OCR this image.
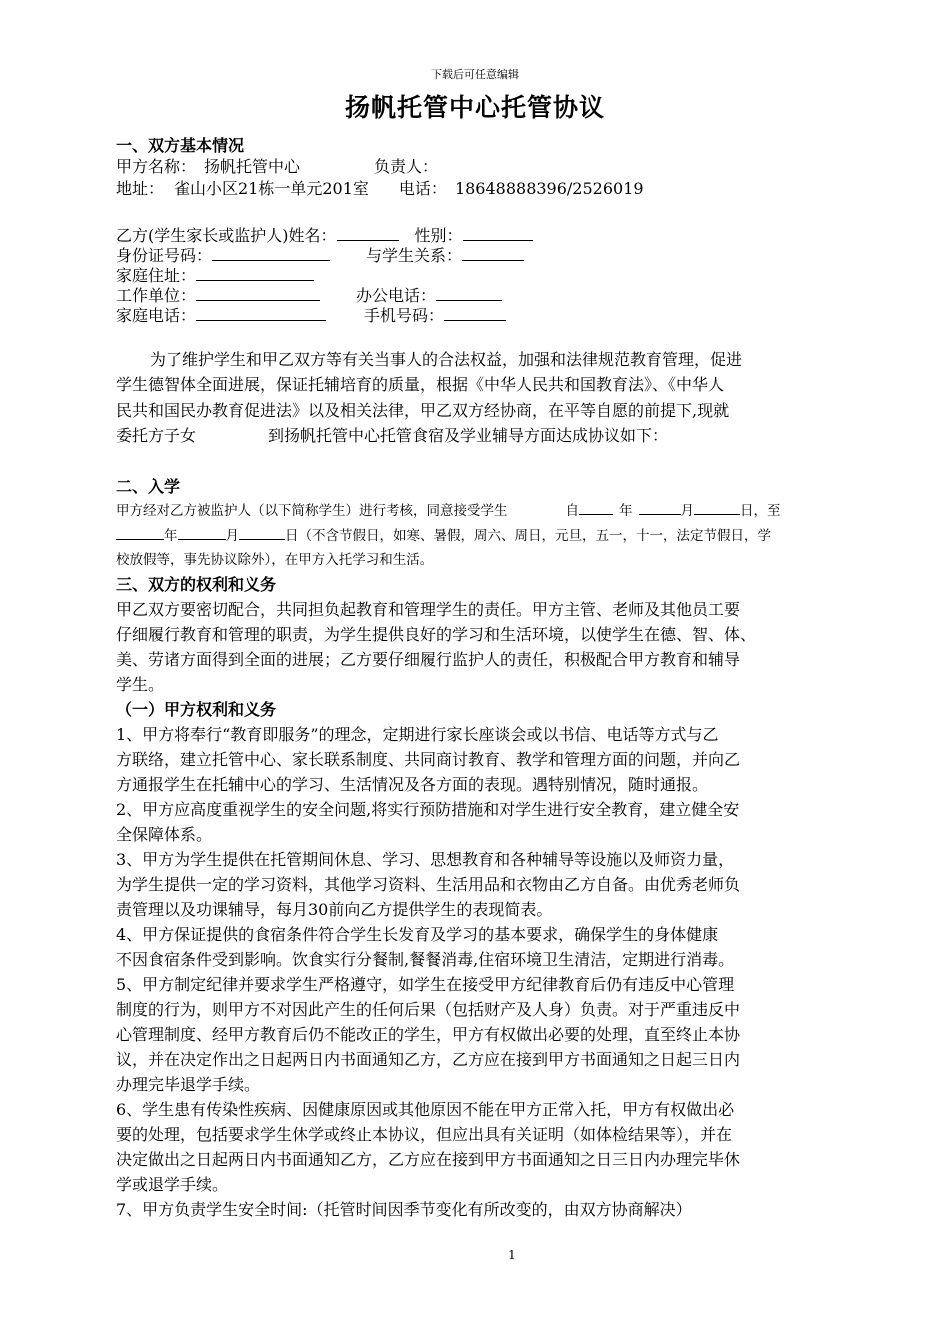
下载后可任意编辑
扬帆托管中心托管协议
一、双方基本情况
甲方名称： 扬帆托管中心	负责人：
地址： 雀山小区21栋一单元201室 电话： 18648888396/2526019
乙方(学生家长或监护人)姓名：	性别：
身份证号码：	与学生关系：
家庭住址：
工作单位：	办公电话：
家庭电话：	手机号码：
为了维护学生和甲乙双方等有关当事人的合法权益，加强和法律规范教育管理，促进
学生德智体全面进展，保证托辅培育的质量，根据《中华人民共和国教育法》、《中华人
民共和国民办教育促进法》以及相关法律，甲乙双方经协商，在平等自愿的前提下,现就
委托方子女	到扬帆托管中心托管食宿及学业辅导方面达成协议如下：
二、入学
甲方经对乙方被监护人（以下简称学生）进行考核，同意接受学生	自	年	月	日，至
年	月	日（不含节假日，如寒、暑假，周六、周日，元旦，五一，十一，法定节假日，学
校放假等，事先协议除外），在甲方入托学习和生活。
三、双方的权利和义务
甲乙双方要密切配合，共同担负起教育和管理学生的责任。甲方主管、老师及其他员工要
仔细履行教育和管理的职责，为学生提供良好的学习和生活环境，以使学生在德、智、体、
美、劳诸方面得到全面的进展；乙方要仔细履行监护人的责任，积极配合甲方教育和辅导
学生。
（一）甲方权利和义务
1、甲方将奉行“教育即服务”的理念，定期进行家长座谈会或以书信、电话等方式与乙
方联络，建立托管中心、家长联系制度、共同商讨教育、教学和管理方面的问题，并向乙
方通报学生在托辅中心的学习、生活情况及各方面的表现。遇特别情况，随时通报。
2、甲方应高度重视学生的安全问题,将实行预防措施和对学生进行安全教育，建立健全安
全保障体系。
3、甲方为学生提供在托管期间休息、学习、思想教育和各种辅导等设施以及师资力量，
为学生提供一定的学习资料，其他学习资料、生活用品和衣物由乙方自备。由优秀老师负
责管理以及功课辅导，每月30前向乙方提供学生的表现简表。
4、甲方保证提供的食宿条件符合学生长发育及学习的基本要求，确保学生的身体健康
不因食宿条件受到影响。饮食实行分餐制,餐餐消毒,住宿环境卫生清洁，定期进行消毒。
5、甲方制定纪律并要求学生严格遵守，如学生在接受甲方纪律教育后仍有违反中心管理
制度的行为，则甲方不对因此产生的任何后果（包括财产及人身）负责。对于严重违反中
心管理制度、经甲方教育后仍不能改正的学生，甲方有权做出必要的处理，直至终止本协
议，并在决定作出之日起两日内书面通知乙方，乙方应在接到甲方书面通知之日起三日内
办理完毕退学手续。
6、学生患有传染性疾病、因健康原因或其他原因不能在甲方正常入托，甲方有权做出必
要的处理，包括要求学生休学或终止本协议，但应出具有关证明（如体检结果等），并在
决定做出之日起两日内书面通知乙方，乙方应在接到甲方书面通知之日三日内办理完毕休
学或退学手续。
7、甲方负责学生安全时间:（托管时间因季节变化有所改变的，由双方协商解决）
1
